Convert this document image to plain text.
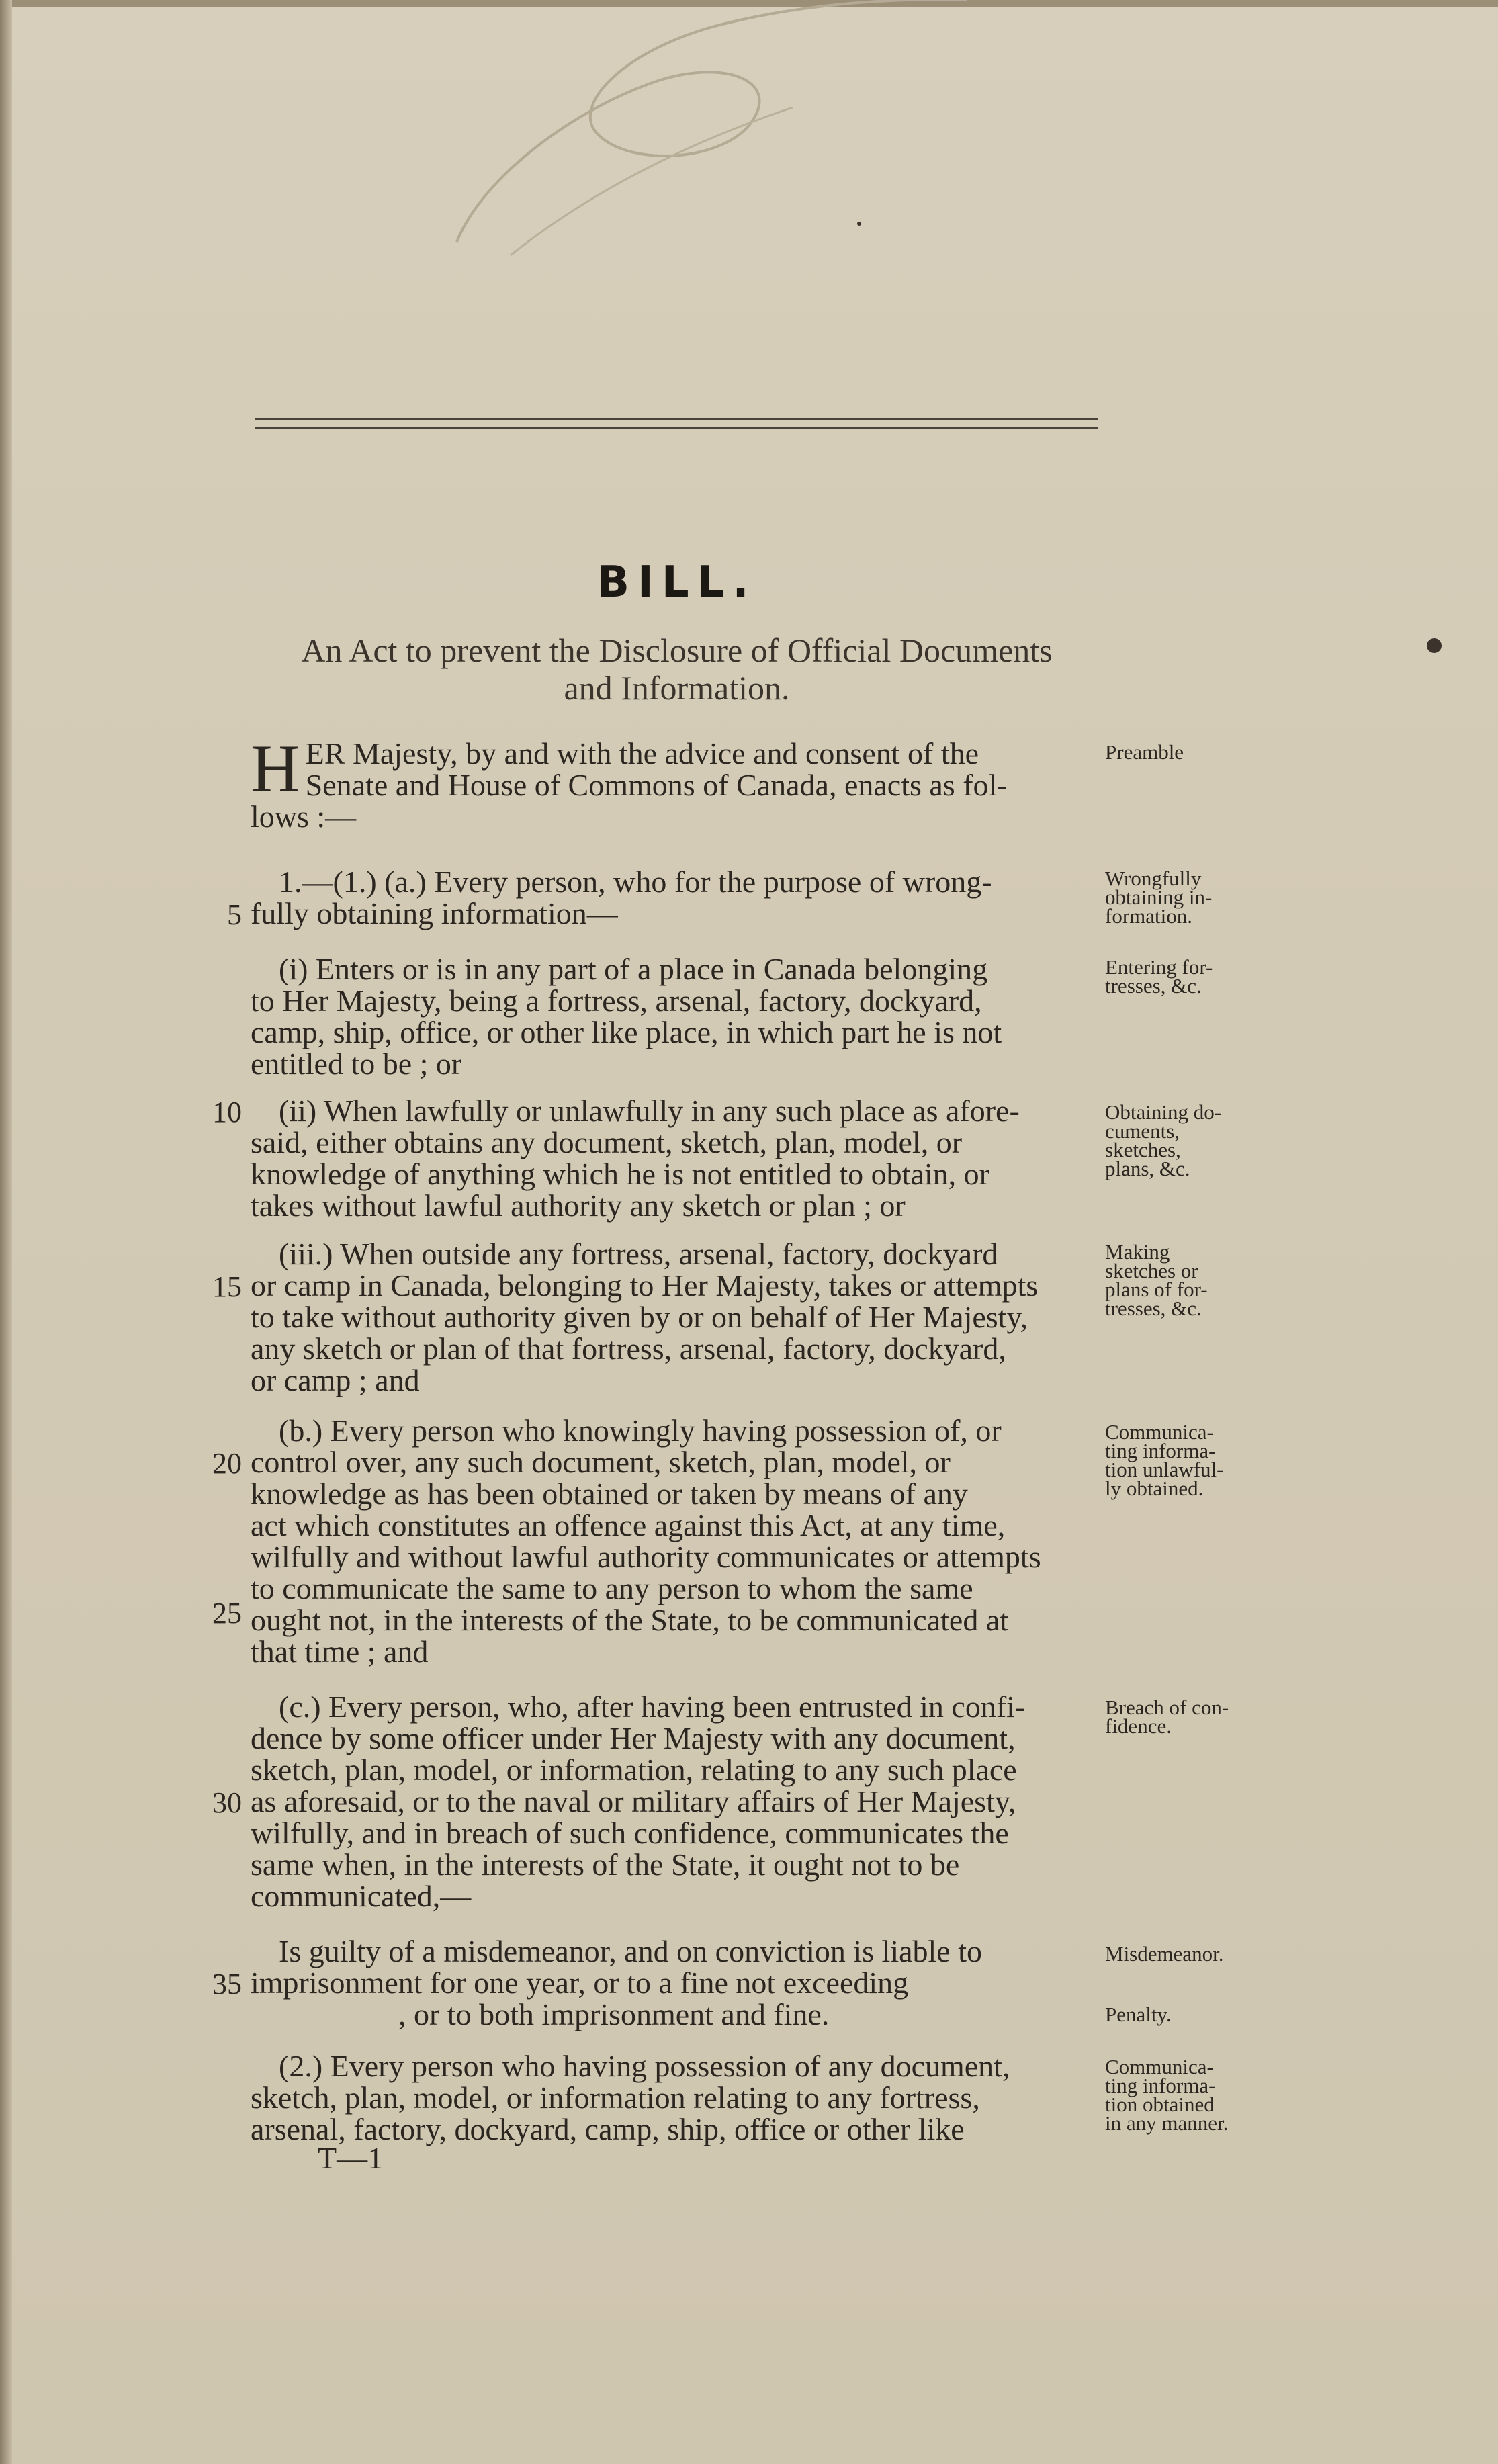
BILL.
An Act to prevent the Disclosure of Official Documents
and Information.
H ER Majesty, by and with the advice and consent of the
Senate and House of Commons of Canada, enacts as fol-
lows :—
1.—(1.) (a.) Every person, who for the purpose of wrong-
fully obtaining information—
(i) Enters or is in any part of a place in Canada belonging
to Her Majesty, being a fortress, arsenal, factory, dockyard,
camp, ship, office, or other like place, in which part he is not
entitled to be ; or
(ii) When lawfully or unlawfully in any such place as afore-
said, either obtains any document, sketch, plan, model, or
knowledge of anything which he is not entitled to obtain, or
takes without lawful authority any sketch or plan ; or
(iii.) When outside any fortress, arsenal, factory, dockyard
or camp in Canada, belonging to Her Majesty, takes or attempts
to take without authority given by or on behalf of Her Majesty,
any sketch or plan of that fortress, arsenal, factory, dockyard,
or camp ; and
(b.) Every person who knowingly having possession of, or
control over, any such document, sketch, plan, model, or
knowledge as has been obtained or taken by means of any
act which constitutes an offence against this Act, at any time,
wilfully and without lawful authority communicates or attempts
to communicate the same to any person to whom the same
ought not, in the interests of the State, to be communicated at
that time ; and
(c.) Every person, who, after having been entrusted in confi-
dence by some officer under Her Majesty with any document,
sketch, plan, model, or information, relating to any such place
as aforesaid, or to the naval or military affairs of Her Majesty,
wilfully, and in breach of such confidence, communicates the
same when, in the interests of the State, it ought not to be
communicated,—
Is guilty of a misdemeanor, and on conviction is liable to
imprisonment for one year, or to a fine not exceeding
, or to both imprisonment and fine.
(2.) Every person who having possession of any document,
sketch, plan, model, or information relating to any fortress,
arsenal, factory, dockyard, camp, ship, office or other like
T—1
5
10
15
20
25
30
35
Preamble
Wrongfully
obtaining in-
formation.
Entering for-
tresses, &c.
Obtaining do-
cuments,
sketches,
plans, &c.
Making
sketches or
plans of for-
tresses, &c.
Communica-
ting informa-
tion unlawful-
ly obtained.
Breach of con-
fidence.
Misdemeanor.
Penalty.
Communica-
ting informa-
tion obtained
in any manner.
